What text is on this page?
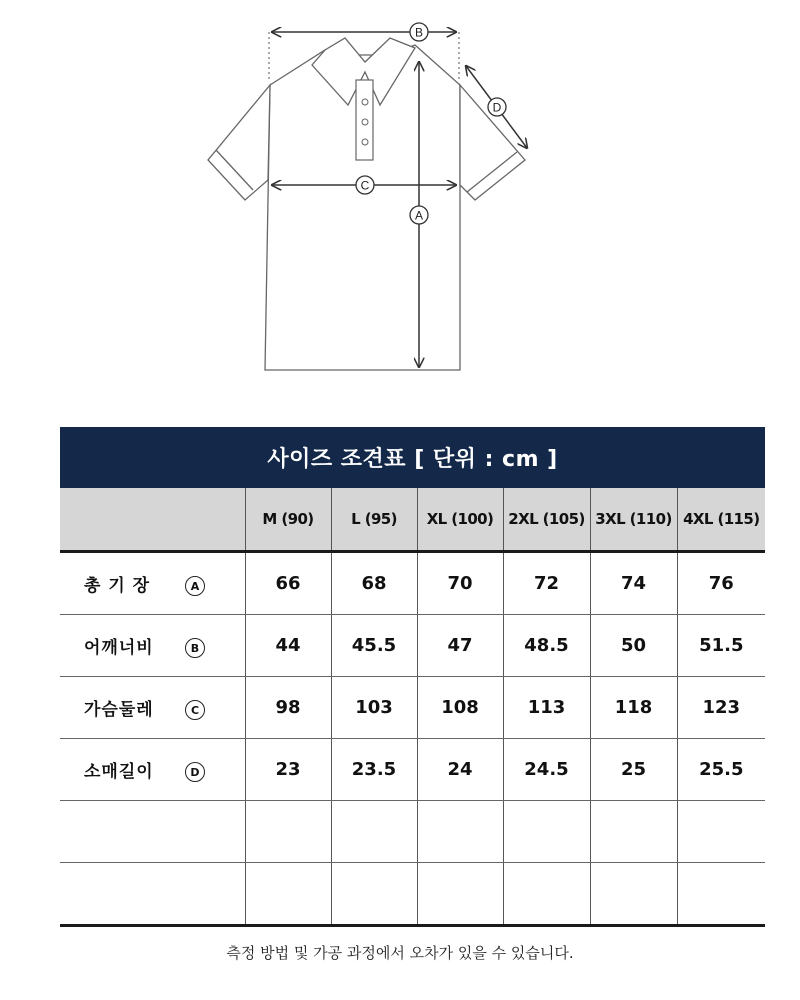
B
D
C
A
사이즈 조견표 [ 단위 : cm ]						
	M (90)	L (95)	XL (100)	2XL (105)	3XL (110)	4XL (115)
총 기 장 A	66	68	70	72	74	76
어깨너비 B	44	45.5	47	48.5	50	51.5
가슴둘레 C	98	103	108	113	118	123
소매길이 D	23	23.5	24	24.5	25	25.5

측정 방법 및 가공 과정에서 오차가 있을 수 있습니다.
